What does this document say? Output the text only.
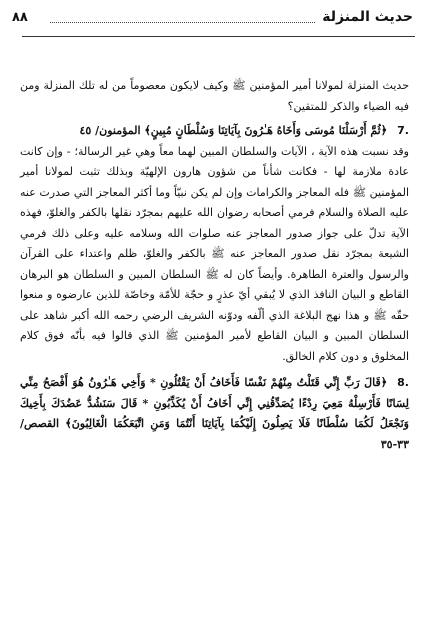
٨٨	حديث المنزلة

حديث المنزلة لمولانا أمير المؤمنين ﷺ وكيف لايكون معصوماً من له تلك المنزلة ومن فيه الضياء والذكر للمتقين؟

7.﴿ثُمَّ أَرْسَلْنَا مُوسَى وَأَخَاهُ هَـٰرُونَ بِآيَاتِنَا وَسُلْطَانٍ مُبِينٍ﴾ المؤمنون/ ٤٥

وقد نسبت هذه الآية ، الآيات والسلطان المبين لهما معاً وهي غير الرسالة؛ - وإن كانت عادة ملازمة لها - فكانت شأناً من شؤون هارون الإلهيّة وبذلك تثبت لمولانا أمير المؤمنين ﷺ فله المعاجز والكرامات وإن لم يكن نبيّاً وما أكثر المعاجز التي صدرت عنه عليه الصلاة والسلام فرمي أصحابه رضوان الله عليهم بمجرّد نقلها بالكفر والغلوّ، فهذه الآية تدلّ على جواز صدور المعاجز عنه صلوات الله وسلامه عليه وعلى ذلك فرمي الشيعة بمجرّد نقل صدور المعاجز عنه ﷺ بالكفر والغلوّ، ظلم واعتداء على القرآن والرسول والعترة الطاهرة. وأيضاً كان له ﷺ السلطان المبين و السلطان هو البرهان القاطع و البيان النافذ الذي لا يُبقي أيّ عذرٍ و حجّة للأمّة وخاصّة للذين عارضوه و منعوا حقّه ﷺ و هذا نهج البلاغة الذي ألّفه ودوّنه الشريف الرضي رحمه الله أكبر شاهد على السلطان المبين و البيان القاطع لأمير المؤمنين ﷺ الذي قالوا فيه بأنّه فوق كلام المخلوق و دون كلام الخالق.

8.﴿قَالَ رَبِّ إِنِّي قَتَلْتُ مِنْهُمْ نَفْسًا فَأَخَافُ أَنْ يَقْتُلُونِ * وَأَخِي هَـٰرُونُ هُوَ أَفْصَحُ مِنِّي لِسَانًا فَأَرْسِلْهُ مَعِيَ رِدْءًا يُصَدِّقُنِي إِنِّي أَخَافُ أَنْ يُكَذِّبُونِ * قَالَ سَنَشُدُّ عَضُدَكَ بِأَخِيكَ وَنَجْعَلُ لَكُمَا سُلْطَانًا فَلَا يَصِلُونَ إِلَيْكُمَا بِآيَاتِنَا أَنْتُمَا وَمَنِ اتَّبَعَكُمَا الْغَالِبُونَ﴾ القصص/ ٣٣-٣٥
